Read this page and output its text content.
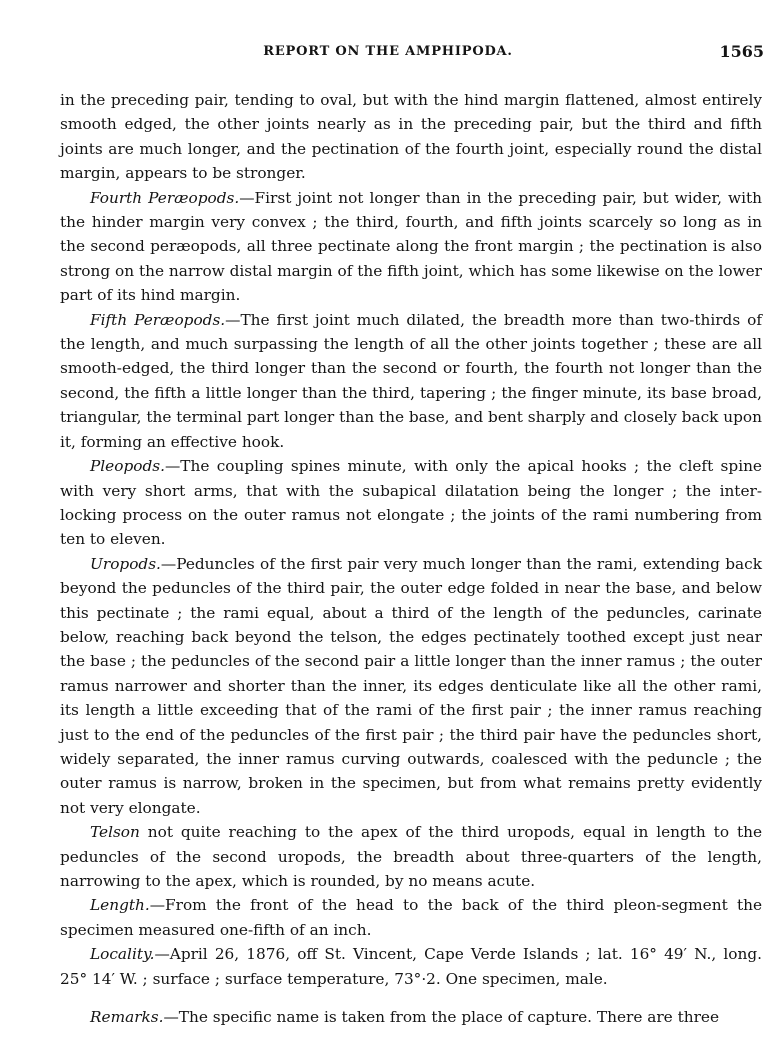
REPORT ON THE AMPHIPODA.	1565

in the preceding pair, tending to oval, but with the hind margin flattened, almost entirely smooth edged, the other joints nearly as in the preceding pair, but the third and fifth joints are much longer, and the pectination of the fourth joint, especially round the distal margin, appears to be stronger.

Fourth Peræopods.—First joint not longer than in the preceding pair, but wider, with the hinder margin very convex ; the third, fourth, and fifth joints scarcely so long as in the second peræopods, all three pectinate along the front margin ; the pectination is also strong on the narrow distal margin of the fifth joint, which has some likewise on the lower part of its hind margin.

Fifth Peræopods.—The first joint much dilated, the breadth more than two-thirds of the length, and much surpassing the length of all the other joints together ; these are all smooth-edged, the third longer than the second or fourth, the fourth not longer than the second, the fifth a little longer than the third, tapering ; the finger minute, its base broad, triangular, the terminal part longer than the base, and bent sharply and closely back upon it, forming an effective hook.

Pleopods.—The coupling spines minute, with only the apical hooks ; the cleft spine with very short arms, that with the subapical dilatation being the longer ; the inter-locking process on the outer ramus not elongate ; the joints of the rami numbering from ten to eleven.

Uropods.—Peduncles of the first pair very much longer than the rami, extending back beyond the peduncles of the third pair, the outer edge folded in near the base, and below this pectinate ; the rami equal, about a third of the length of the peduncles, carinate below, reaching back beyond the telson, the edges pectinately toothed except just near the base ; the peduncles of the second pair a little longer than the inner ramus ; the outer ramus narrower and shorter than the inner, its edges denticulate like all the other rami, its length a little exceeding that of the rami of the first pair ; the inner ramus reaching just to the end of the peduncles of the first pair ; the third pair have the peduncles short, widely separated, the inner ramus curving outwards, coalesced with the peduncle ; the outer ramus is narrow, broken in the specimen, but from what remains pretty evidently not very elongate.

Telson not quite reaching to the apex of the third uropods, equal in length to the peduncles of the second uropods, the breadth about three-quarters of the length, narrowing to the apex, which is rounded, by no means acute.

Length.—From the front of the head to the back of the third pleon-segment the specimen measured one-fifth of an inch.

Locality.—April 26, 1876, off St. Vincent, Cape Verde Islands ; lat. 16° 49′ N., long. 25° 14′ W. ; surface ; surface temperature, 73°·2. One specimen, male.

Remarks.—The specific name is taken from the place of capture. There are three
